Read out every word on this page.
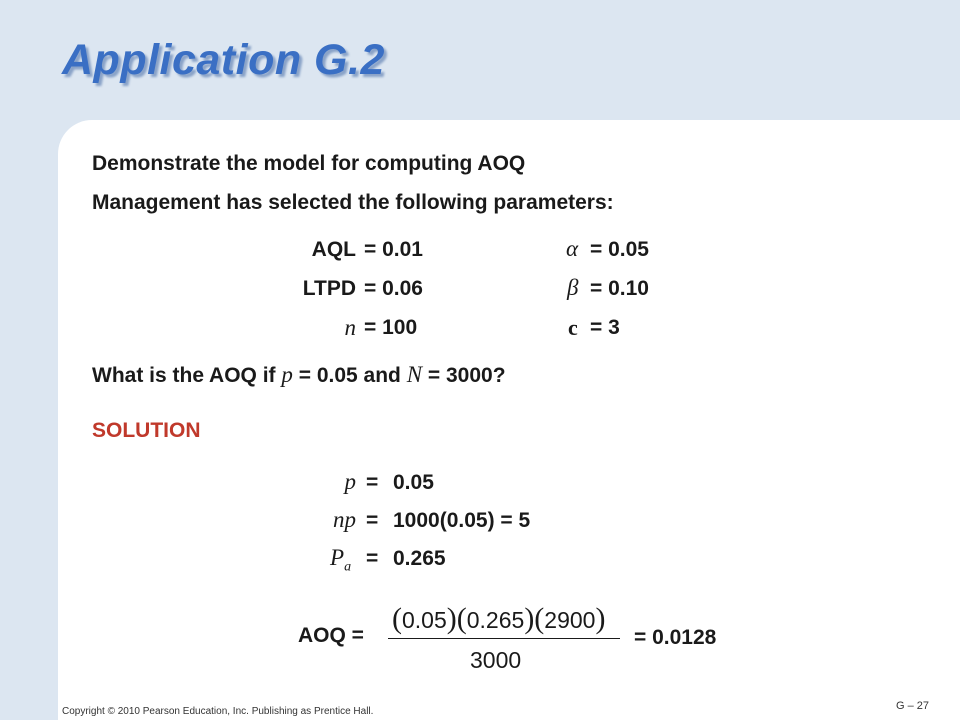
Application G.2
Demonstrate the model for computing AOQ
Management has selected the following parameters:
AQL = 0.01	α = 0.05
LTPD = 0.06	β = 0.10
n = 100	c = 3
What is the AOQ if p = 0.05 and N = 3000?
SOLUTION
p = 0.05
np = 1000(0.05) = 5
$P_a = 0.265$
AOQ =
(0.05)(0.265)(2900)
3000
= 0.0128
Copyright © 2010 Pearson Education, Inc. Publishing as Prentice Hall.	G – 27
